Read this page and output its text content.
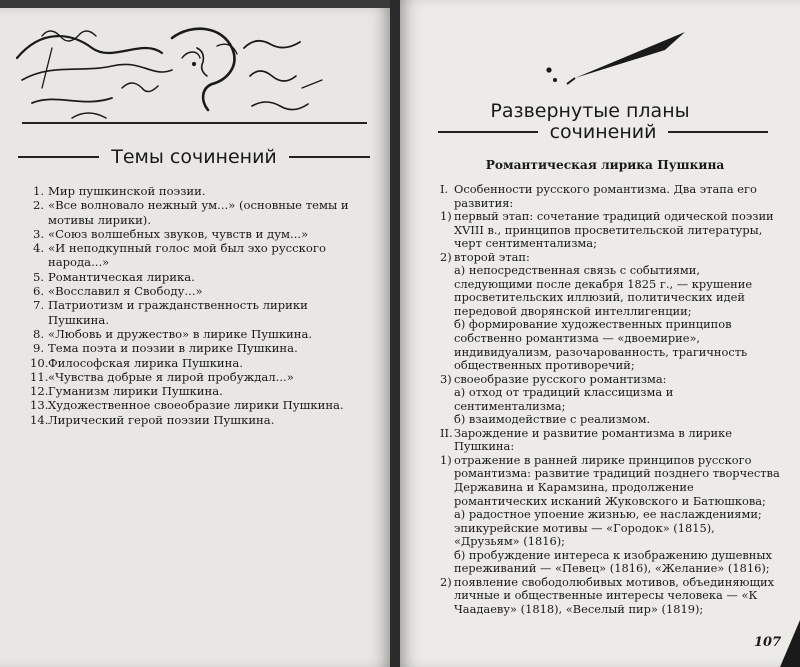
Темы сочинений
1. Мир пушкинской поэзии.
2. «Все волновало нежный ум...» (основные темы и мотивы лирики).
3. «Союз волшебных звуков, чувств и дум...»
4. «И неподкупный голос мой был эхо русского народа...»
5. Романтическая лирика.
6. «Восславил я Свободу...»
7. Патриотизм и гражданственность лирики Пушкина.
8. «Любовь и дружество» в лирике Пушкина.
9. Тема поэта и поэзии в лирике Пушкина.
10. Философская лирика Пушкина.
11. «Чувства добрые я лирой пробуждал...»
12. Гуманизм лирики Пушкина.
13. Художественное своеобразие лирики Пушкина.
14. Лирический герой поэзии Пушкина.
Развернутые планы
сочинений
Романтическая лирика Пушкина
I. Особенности русского романтизма. Два этапа его развития:
1) первый этап: сочетание традиций одической поэзии XVIII в., принципов просветительской литературы, черт сентиментализма;
2) второй этап:
а) непосредственная связь с событиями, следующими после декабря 1825 г., — крушение просветительских иллюзий, политических идей передовой дворянской интеллигенции;
б) формирование художественных принципов собственно романтизма — «двоемирие», индивидуализм, разочарованность, трагичность общественных противоречий;
3) своеобразие русского романтизма:
а) отход от традиций классицизма и сентиментализма;
б) взаимодействие с реализмом.
II. Зарождение и развитие романтизма в лирике Пушкина:
1) отражение в ранней лирике принципов русского романтизма: развитие традиций позднего творчества Державина и Карамзина, продолжение романтических исканий Жуковского и Батюшкова;
а) радостное упоение жизнью, ее наслаждениями; эпикурейские мотивы — «Городок» (1815), «Друзьям» (1816);
б) пробуждение интереса к изображению душевных переживаний — «Певец» (1816), «Желание» (1816);
2) появление свободолюбивых мотивов, объединяющих личные и общественные интересы человека — «К Чаадаеву» (1818), «Веселый пир» (1819);
107
